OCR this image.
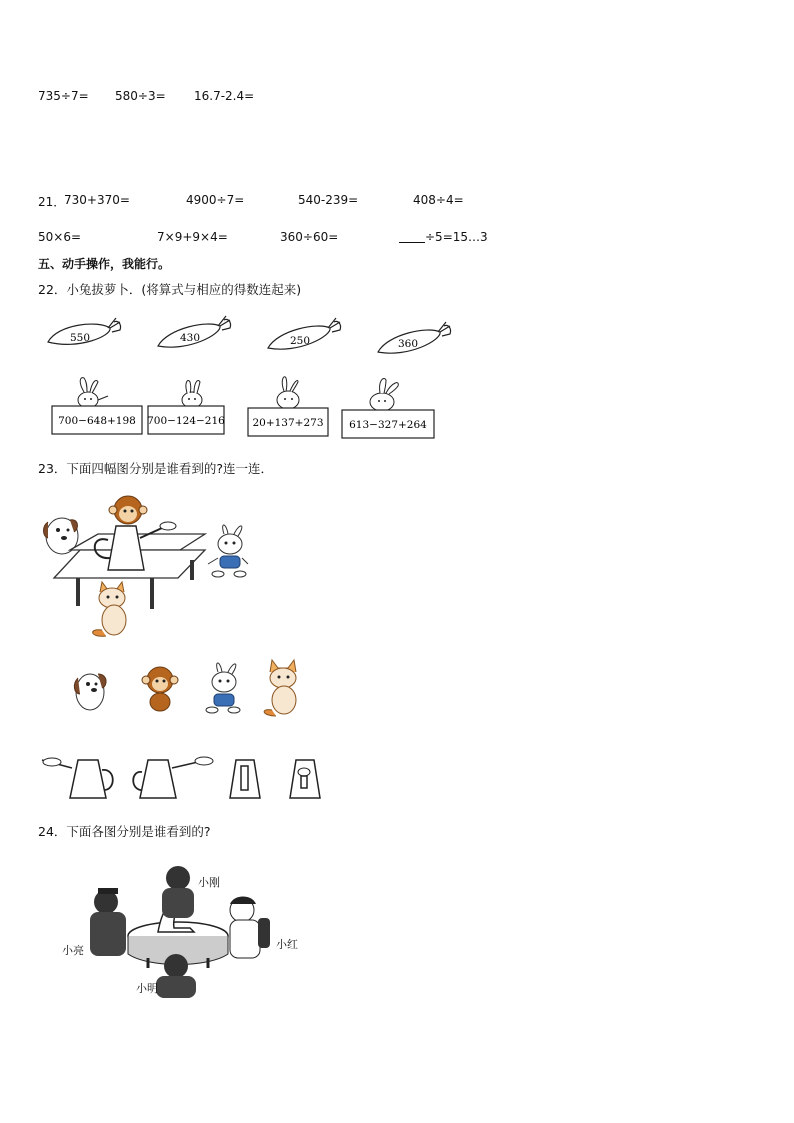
735÷7= 580÷3= 16.7-2.4=
21．
730+370=	4900÷7=	540-239=	408÷4=
50×6=	7×9+9×4=	360÷60=	÷5=15…3
五、动手操作，我能行。
22．小兔拔萝卜．(将算式与相应的得数连起来)
550	430	250	360
700−648+198 700−124−216	20+137+273 613−327+264
23．下面四幅图分别是谁看到的?连一连．
24．下面各图分别是谁看到的?
小刚
小亮	小红
小明
